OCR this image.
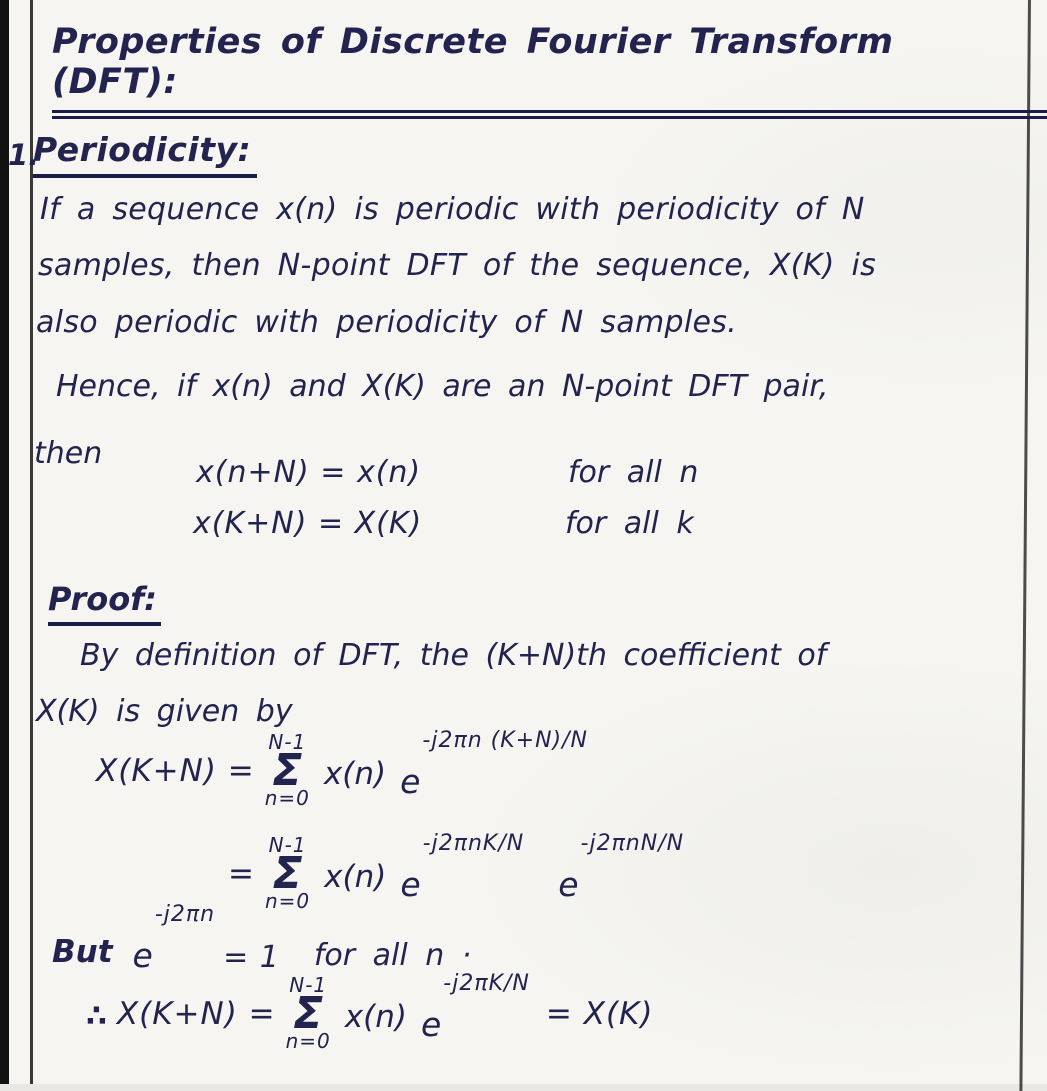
Properties of Discrete Fourier Transform (DFT):
1.
Periodicity:
If a sequence x(n) is periodic with periodicity of N
samples, then N-point DFT of the sequence, X(K) is
also periodic with periodicity of N samples.
Hence, if x(n) and X(K) are an N-point DFT pair,
then
x(n+N) = x(n)	for all n
x(K+N) = X(K)	for all k
Proof:
By definition of DFT, the (K+N)th coefficient of
X(K) is given by
X(K+N) =
N-1
Σ
n=0
x(n) e
-j2πn (K+N)/N
=
N-1
Σ
n=0
x(n) e
-j2πnK/N
e
-j2πnN/N
But e
-j2πn
= 1 for all n ·
∴ X(K+N) =
N-1
Σ
n=0
x(n) e
-j2πK/N
= X(K)
